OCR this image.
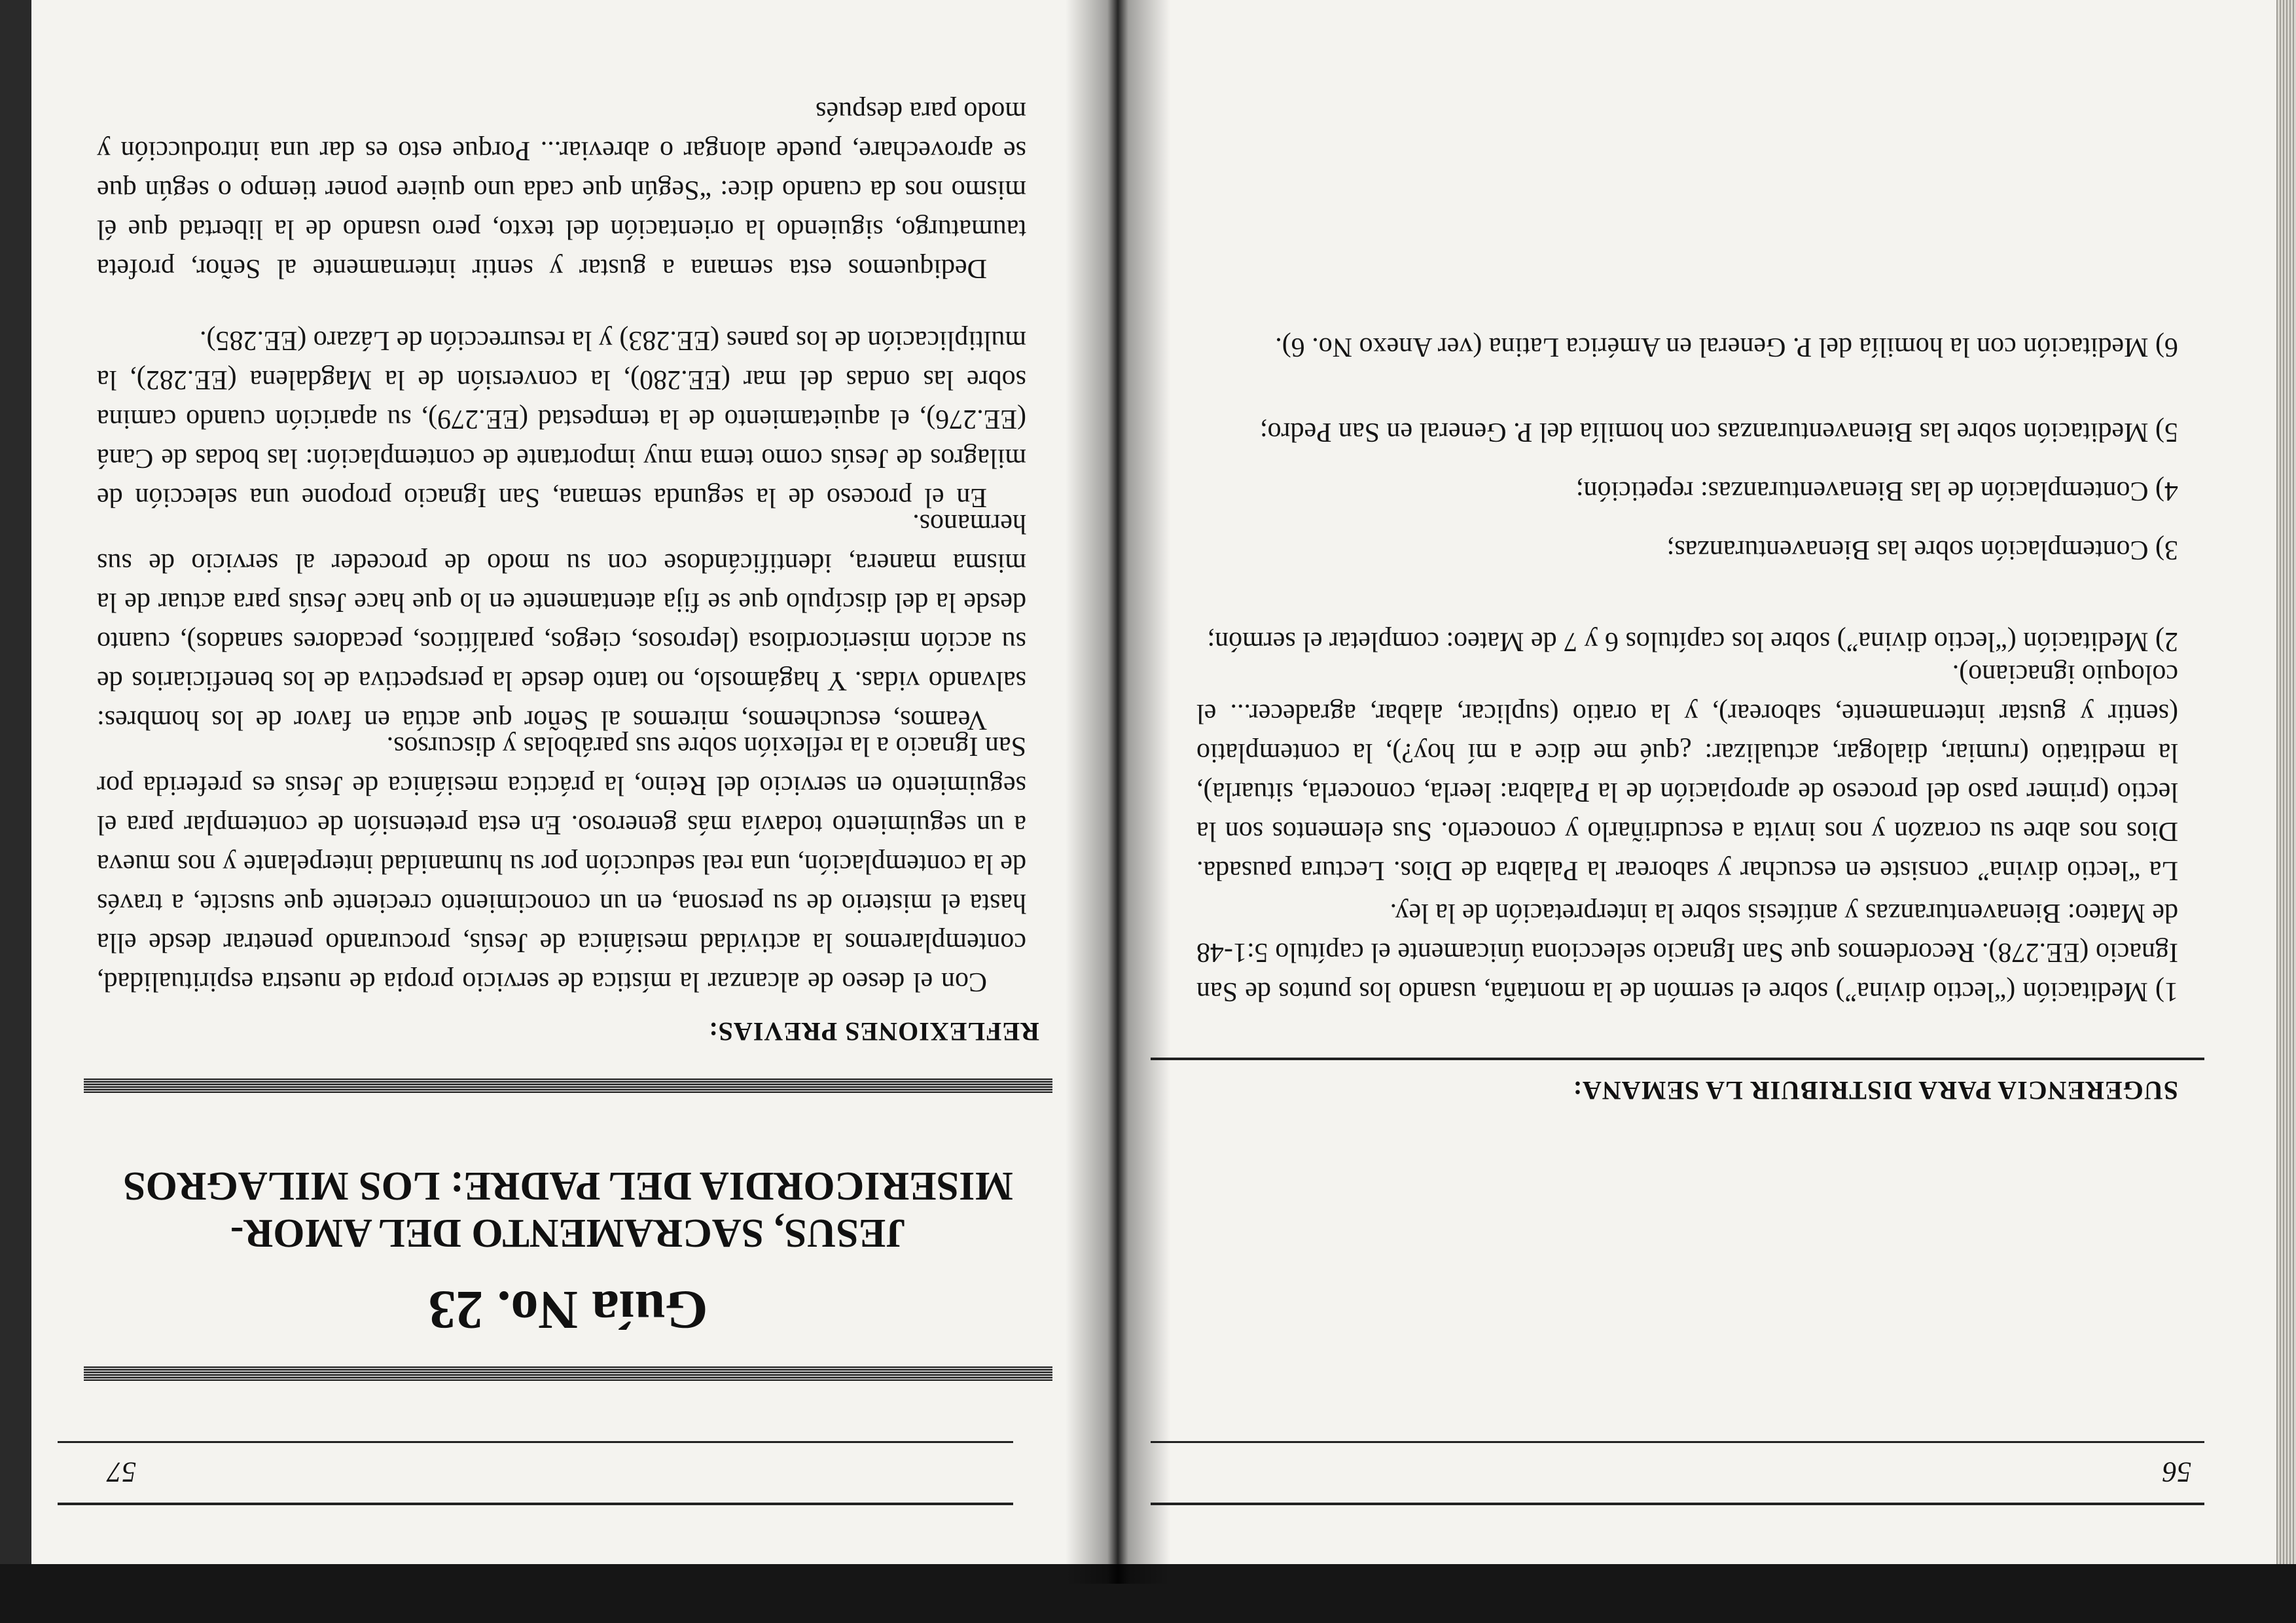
56
SUGERENCIA PARA DISTRIBUIR LA SEMANA:

1) Meditación (“lectio divina”) sobre el sermón de la montaña, usando los puntos de San Ignacio (EE.278). Recordemos que San Ignacio selecciona únicamente el capítulo 5:1-48 de Mateo: Bienaventuranzas y antítesis sobre la interpretación de la ley.

La “lectio divina” consiste en escuchar y saborear la Palabra de Dios. Lectura pausada. Dios nos abre su corazón y nos invita a escudriñarlo y conocerlo. Sus elementos son la lectio (primer paso del proceso de apropiación de la Palabra: leerla, conocerla, situarla), la meditatio (rumiar, dialogar, actualizar: ¿qué me dice a mí hoy?), la contemplatio (sentir y gustar internamente, saborear), y la oratio (suplicar, alabar, agradecer... el coloquio ignaciano).

2) Meditación (“lectio divina”) sobre los capítulos 6 y 7 de Mateo: completar el sermón;

3) Contemplación sobre las Bienaventuranzas;

4) Contemplación de las Bienaventuranzas: repetición;

5) Meditación sobre las Bienaventuranzas con homilía del P. General en San Pedro;

6) Meditación con la homilía del P. General en América Latina (ver Anexo No. 6).

57
Guía No. 23
JESUS, SACRAMENTO DEL AMOR-MISERICORDIA DEL PADRE: LOS MILAGROS
REFLEXIONES PREVIAS:

Con el deseo de alcanzar la mística de servicio propia de nuestra espiritualidad, contemplaremos la actividad mesiánica de Jesús, procurando penetrar desde ella hasta el misterio de su persona, en un conocimiento creciente que suscite, a través de la contemplación, una real seducción por su humanidad interpelante y nos mueva a un seguimiento todavía más generoso. En esta pretensión de contemplar para el seguimiento en servicio del Reino, la práctica mesiánica de Jesús es preferida por San Ignacio a la reflexión sobre sus parábolas y discursos.

Veamos, escuchemos, miremos al Señor que actúa en favor de los hombres: salvando vidas. Y hagámoslo, no tanto desde la perspectiva de los beneficiarios de su acción misericordiosa (leprosos, ciegos, paralíticos, pecadores sanados), cuanto desde la del discípulo que se fija atentamente en lo que hace Jesús para actuar de la misma manera, identificándose con su modo de proceder al servicio de sus hermanos.

En el proceso de la segunda semana, San Ignacio propone una selección de milagros de Jesús como tema muy importante de contemplación: las bodas de Caná (EE.276), el aquietamiento de la tempestad (EE.279), su aparición cuando camina sobre las ondas del mar (EE.280), la conversión de la Magdalena (EE.282), la multiplicación de los panes (EE.283) y la resurrección de Lázaro (EE.285).

Dediquemos esta semana a gustar y sentir internamente al Señor, profeta taumaturgo, siguiendo la orientación del texto, pero usando de la libertad que él mismo nos da cuando dice: “Según que cada uno quiere poner tiempo o según que se aprovechare, puede alongar o abreviar... Porque esto es dar una introducción y modo para después
